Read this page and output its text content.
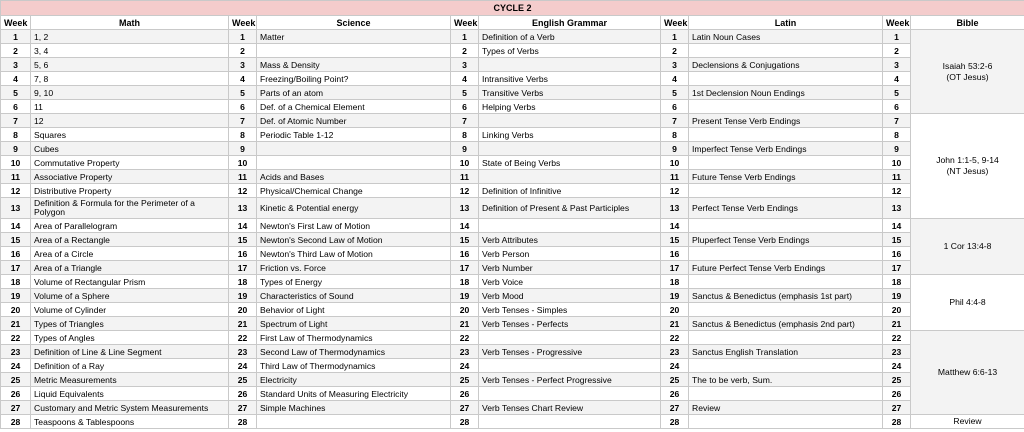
CYCLE 2									
Week	Math	Week	Science	Week	English Grammar	Week	Latin	Week	Bible
1	1, 2	1	Matter	1	Definition of a Verb	1	Latin Noun Cases	1	Isaiah 53:2-6
(OT Jesus)

2	3, 4	2		2	Types of Verbs	2		2	
3	5, 6	3	Mass & Density	3		3	Declensions & Conjugations	3	
4	7, 8	4	Freezing/Boiling Point?	4	Intransitive Verbs	4		4	
5	9, 10	5	Parts of an atom	5	Transitive Verbs	5	1st Declension Noun Endings	5	
6	11	6	Def. of a Chemical Element	6	Helping Verbs	6		6	
7	12	7	Def. of Atomic Number	7		7	Present Tense Verb Endings	7	John 1:1-5, 9-14
(NT Jesus)

8	Squares	8	Periodic Table 1-12	8	Linking Verbs	8		8	
9	Cubes	9		9		9	Imperfect Tense Verb Endings	9	
10	Commutative Property	10		10	State of Being Verbs	10		10	
11	Associative Property	11	Acids and Bases	11		11	Future Tense Verb Endings	11	
12	Distributive Property	12	Physical/Chemical Change	12	Definition of Infinitive	12		12	
13	Definition & Formula for the Perimeter of a Polygon	13	Kinetic & Potential energy	13	Definition of Present & Past Participles	13	Perfect Tense Verb Endings	13	
14	Area of Parallelogram	14	Newton's First Law of Motion	14		14		14	1 Cor 13:4-8

15	Area of a Rectangle	15	Newton's Second Law of Motion	15	Verb Attributes	15	Pluperfect Tense Verb Endings	15	
16	Area of a Circle	16	Newton's Third Law of Motion	16	Verb Person	16		16	
17	Area of a Triangle	17	Friction vs. Force	17	Verb Number	17	Future Perfect Tense Verb Endings	17	
18	Volume of Rectangular Prism	18	Types of Energy	18	Verb Voice	18		18	Phil 4:4-8

19	Volume of a Sphere	19	Characteristics of Sound	19	Verb Mood	19	Sanctus & Benedictus (emphasis 1st part)	19	
20	Volume of Cylinder	20	Behavior of Light	20	Verb Tenses - Simples	20		20	
21	Types of Triangles	21	Spectrum of Light	21	Verb Tenses - Perfects	21	Sanctus & Benedictus (emphasis 2nd part)	21	
22	Types of Angles	22	First Law of Thermodynamics	22		22		22	Matthew 6:6-13

23	Definition of Line & Line Segment	23	Second Law of Thermodynamics	23	Verb Tenses - Progressive	23	Sanctus English Translation	23	
24	Definition of a Ray	24	Third Law of Thermodynamics	24		24		24	
25	Metric Measurements	25	Electricity	25	Verb Tenses - Perfect Progressive	25	The to be verb, Sum.	25	
26	Liquid Equivalents	26	Standard Units of Measuring Electricity	26		26		26	
27	Customary and Metric System Measurements	27	Simple Machines	27	Verb Tenses Chart Review	27	Review	27	
28	Teaspoons & Tablespoons	28		28		28		28	Review
